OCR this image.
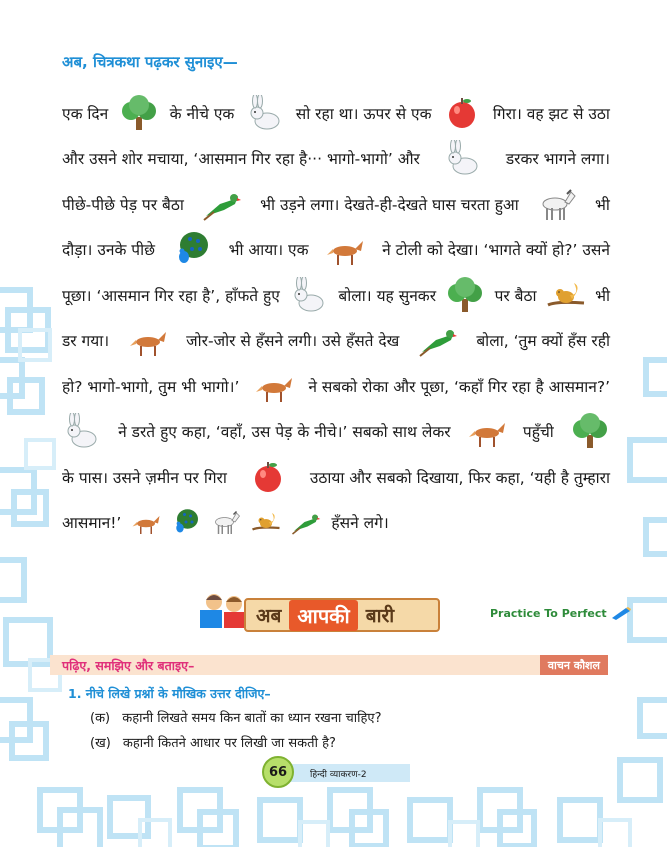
अब, चित्रकथा पढ़कर सुनाइए—
एक दिन	के नीचे एक	सो रहा था। ऊपर से एक	गिरा। वह झट से उठा
और उसने शोर मचाया, ‘आसमान गिर रहा है··· भागो-भागो’ और	डरकर भागने लगा।
पीछे-पीछे पेड़ पर बैठा	भी उड़ने लगा। देखते-ही-देखते घास चरता हुआ	भी
दौड़ा। उनके पीछे	भी आया। एक	ने टोली को देखा। ‘भागते क्यों हो?’ उसने
पूछा। ‘आसमान गिर रहा है’, हाँफते हुए	बोला। यह सुनकर	पर बैठा	भी
डर गया।	जोर-जोर से हँसने लगी। उसे हँसते देख	बोला, ‘तुम क्यों हँस रही
हो? भागो-भागो, तुम भी भागो।’	ने सबको रोका और पूछा, ‘कहाँ गिर रहा है आसमान?’
ने डरते हुए कहा, ‘वहाँ, उस पेड़ के नीचे।’ सबको साथ लेकर	पहुँची
के पास। उसने ज़मीन पर गिरा	उठाया और सबको दिखाया, फिर कहा, ‘यही है तुम्हारा
आसमान!’	हँसने लगे।
अब आपकी बारी	Practice To Perfect
पढ़िए, समझिए और बताइए–	वाचन कौशल
1. नीचे लिखे प्रश्नों के मौखिक उत्तर दीजिए–
(क) कहानी लिखते समय किन बातों का ध्यान रखना चाहिए?
(ख) कहानी कितने आधार पर लिखी जा सकती है?
हिन्दी व्याकरण-2
66
